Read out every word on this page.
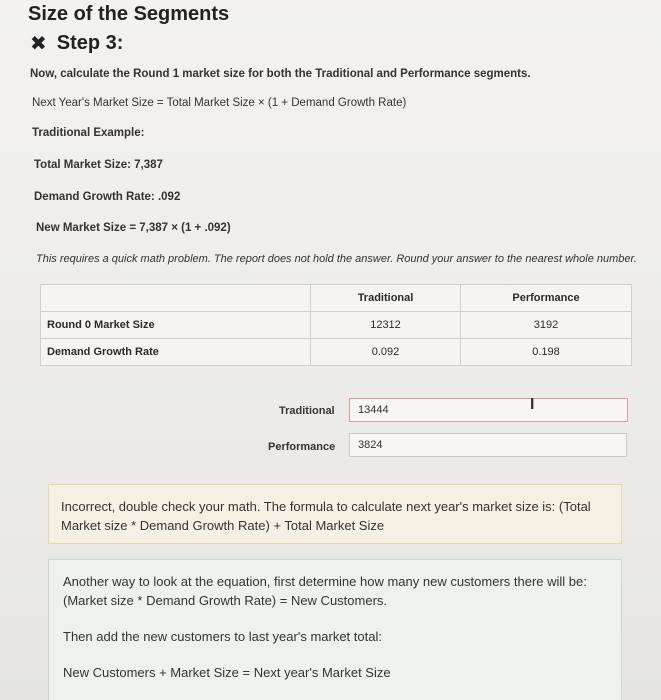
Size of the Segments
✖ Step 3:
Now, calculate the Round 1 market size for both the Traditional and Performance segments.
Next Year's Market Size = Total Market Size × (1 + Demand Growth Rate)
Traditional Example:
Total Market Size: 7,387
Demand Growth Rate: .092
New Market Size = 7,387 × (1 + .092)
This requires a quick math problem. The report does not hold the answer. Round your answer to the nearest whole number.
	Traditional	Performance
Round 0 Market Size	12312	3192
Demand Growth Rate	0.092	0.198
Traditional	13444	I
Performance	3824
Incorrect, double check your math. The formula to calculate next year's market size is: (Total Market size * Demand Growth Rate) + Total Market Size

Another way to look at the equation, first determine how many new customers there will be: (Market size * Demand Growth Rate) = New Customers.

Then add the new customers to last year's market total:

New Customers + Market Size = Next year's Market Size
